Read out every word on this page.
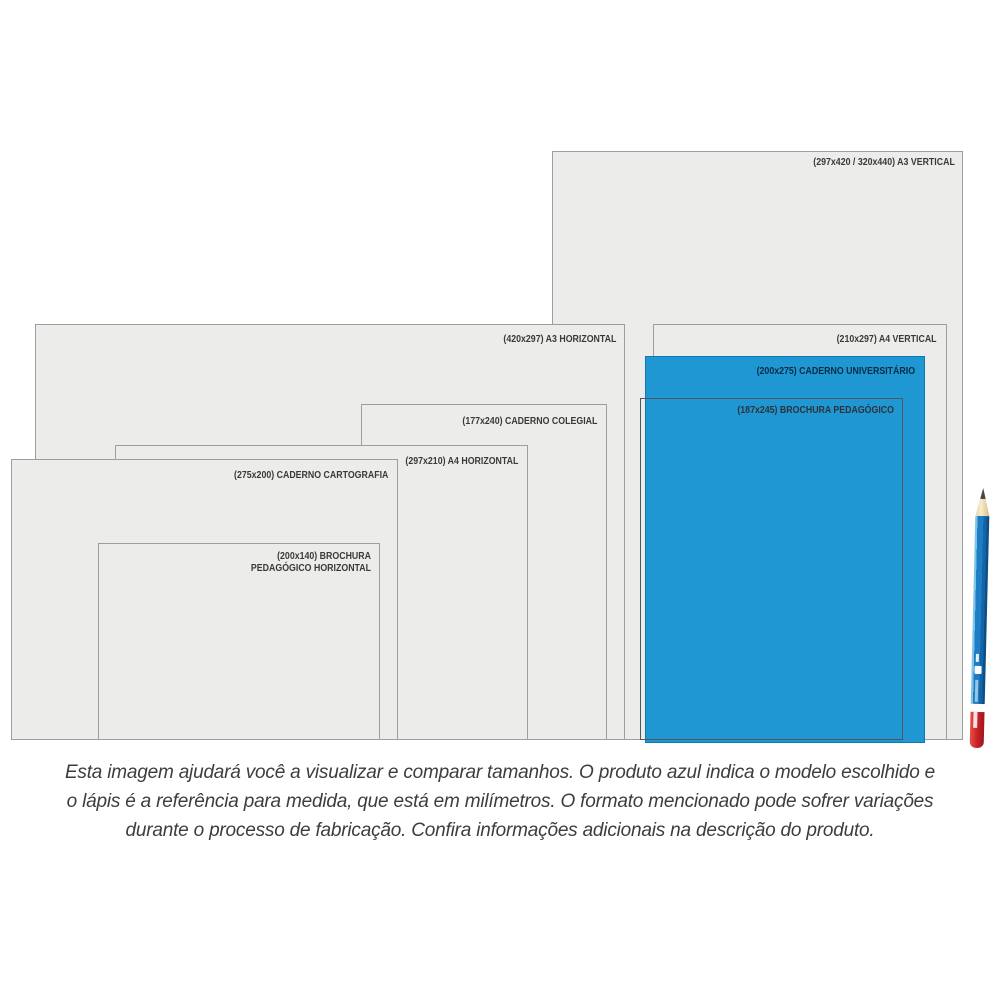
(297x420 / 320x440) A3 VERTICAL
(420x297) A3 HORIZONTAL	(210x297) A4 VERTICAL
(200x275) CADERNO UNIVERSITÁRIO
(187x245) BROCHURA PEDAGÓGICO
(177x240) CADERNO COLEGIAL
(297x210) A4 HORIZONTAL
(275x200) CADERNO CARTOGRAFIA
(200x140) BROCHURA PEDAGÓGICO HORIZONTAL
Esta imagem ajudará você a visualizar e comparar tamanhos. O produto azul indica o modelo escolhido e
o lápis é a referência para medida, que está em milímetros. O formato mencionado pode sofrer variações
durante o processo de fabricação. Confira informações adicionais na descrição do produto.
